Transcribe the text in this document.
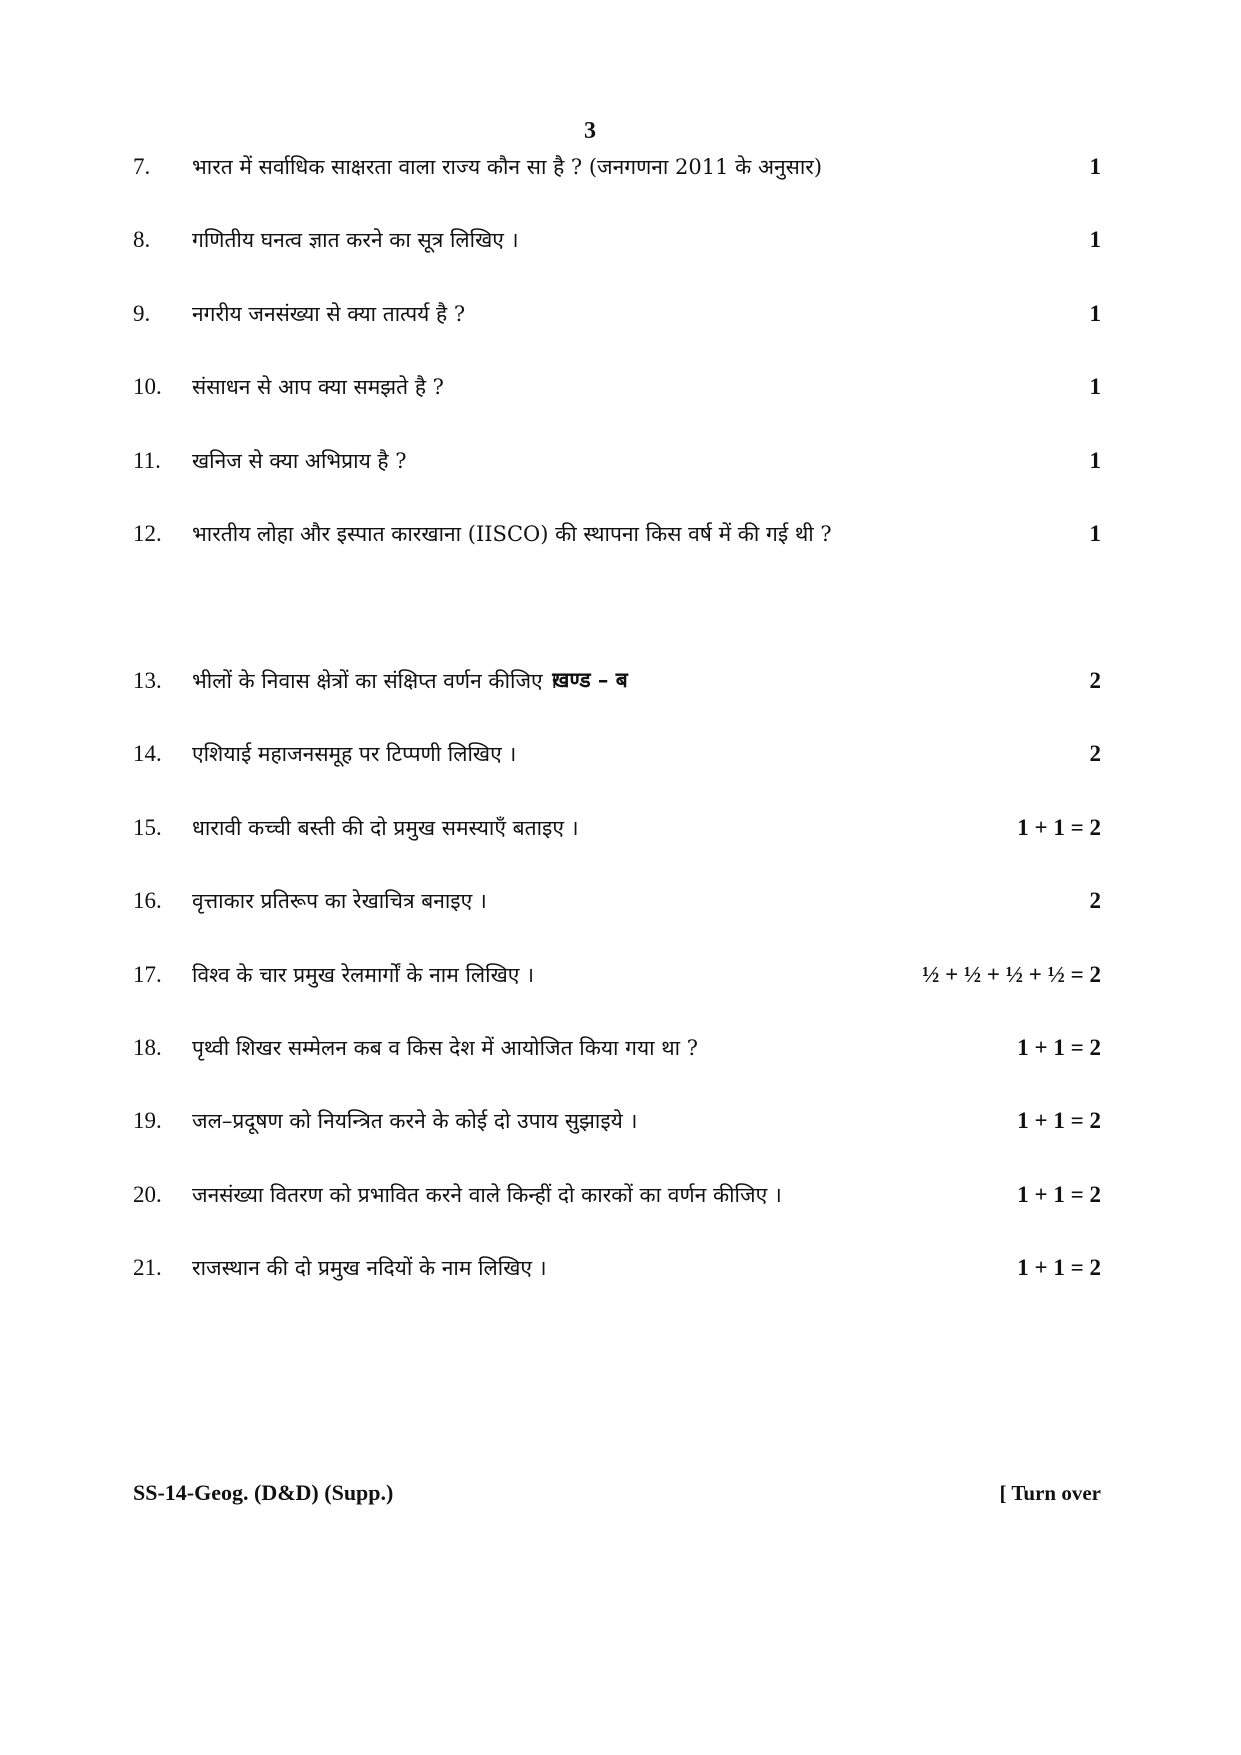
3
7. भारत में सर्वाधिक साक्षरता वाला राज्य कौन सा है ? (जनगणना 2011 के अनुसार)	1
8. गणितीय घनत्व ज्ञात करने का सूत्र लिखिए ।	1
9. नगरीय जनसंख्या से क्या तात्पर्य है ?	1
10. संसाधन से आप क्या समझते है ?	1
11. खनिज से क्या अभिप्राय है ?	1
12. भारतीय लोहा और इस्पात कारखाना (IISCO) की स्थापना किस वर्ष में की गई थी ?	1
खण्ड – ब
13. भीलों के निवास क्षेत्रों का संक्षिप्त वर्णन कीजिए ।	2
14. एशियाई महाजनसमूह पर टिप्पणी लिखिए ।	2
15. धारावी कच्ची बस्ती की दो प्रमुख समस्याएँ बताइए ।	1 + 1 = 2
16. वृत्ताकार प्रतिरूप का रेखाचित्र बनाइए ।	2
17. विश्व के चार प्रमुख रेलमार्गों के नाम लिखिए ।	½ + ½ + ½ + ½ = 2
18. पृथ्वी शिखर सम्मेलन कब व किस देश में आयोजित किया गया था ?	1 + 1 = 2
19. जल–प्रदूषण को नियन्त्रित करने के कोई दो उपाय सुझाइये ।	1 + 1 = 2
20. जनसंख्या वितरण को प्रभावित करने वाले किन्हीं दो कारकों का वर्णन कीजिए ।	1 + 1 = 2
21. राजस्थान की दो प्रमुख नदियों के नाम लिखिए ।	1 + 1 = 2
SS-14-Geog. (D&D) (Supp.)	[ Turn over
